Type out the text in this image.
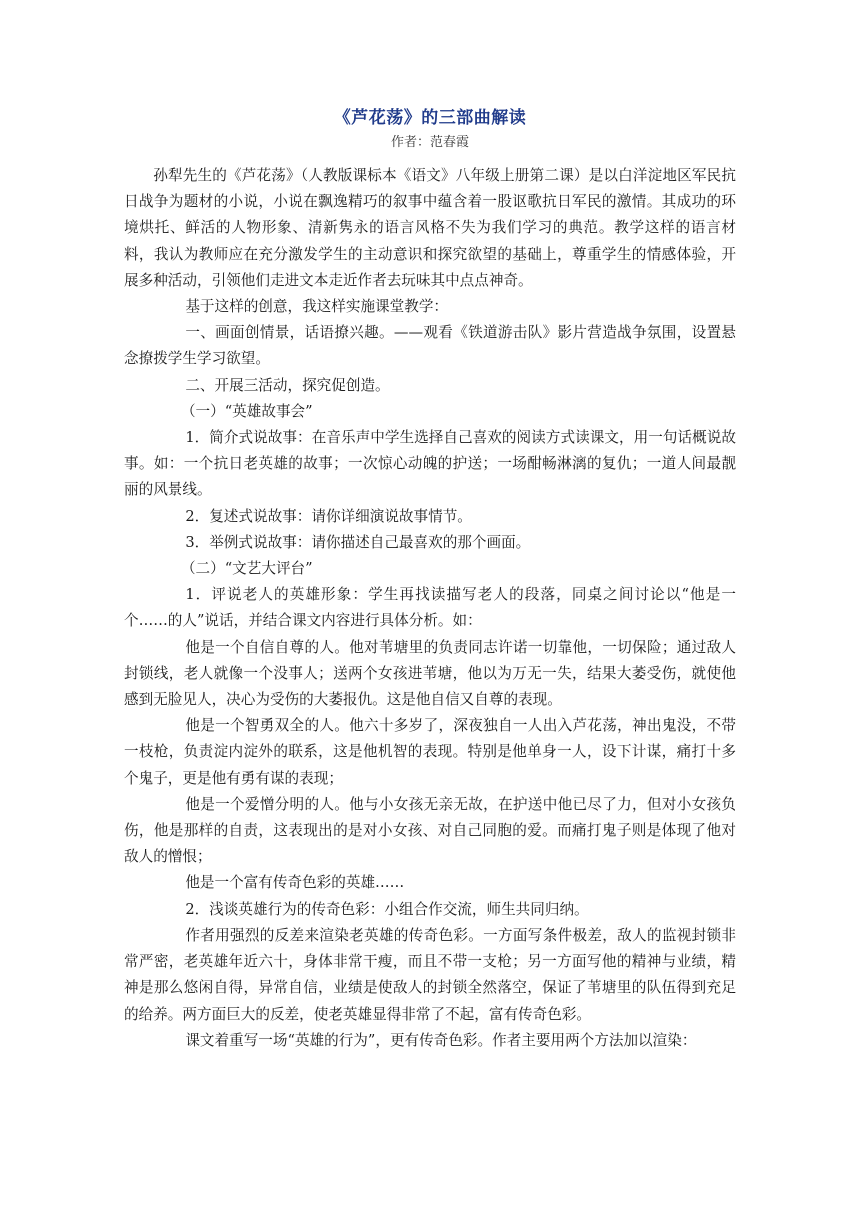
《芦花荡》的三部曲解读
作者：范春霞

孙犁先生的《芦花荡》（人教版课标本《语文》八年级上册第二课）是以白洋淀地区军民抗日战争为题材的小说，小说在飘逸精巧的叙事中蕴含着一股讴歌抗日军民的激情。其成功的环境烘托、鲜活的人物形象、清新隽永的语言风格不失为我们学习的典范。教学这样的语言材料，我认为教师应在充分激发学生的主动意识和探究欲望的基础上，尊重学生的情感体验，开展多种活动，引领他们走进文本走近作者去玩味其中点点神奇。

基于这样的创意，我这样实施课堂教学：

一、画面创情景，话语撩兴趣。——观看《铁道游击队》影片营造战争氛围，设置悬念撩拨学生学习欲望。

二、开展三活动，探究促创造。

（一）“英雄故事会”

1．简介式说故事：在音乐声中学生选择自己喜欢的阅读方式读课文，用一句话概说故事。如：一个抗日老英雄的故事；一次惊心动魄的护送；一场酣畅淋漓的复仇；一道人间最靓丽的风景线。

2．复述式说故事：请你详细演说故事情节。

3．举例式说故事：请你描述自己最喜欢的那个画面。

（二）“文艺大评台”

1．评说老人的英雄形象：学生再找读描写老人的段落，同桌之间讨论以“他是一个……的人”说话，并结合课文内容进行具体分析。如：

他是一个自信自尊的人。他对苇塘里的负责同志许诺一切靠他，一切保险；通过敌人封锁线，老人就像一个没事人；送两个女孩进苇塘，他以为万无一失，结果大萎受伤，就使他感到无脸见人，决心为受伤的大萎报仇。这是他自信又自尊的表现。

他是一个智勇双全的人。他六十多岁了，深夜独自一人出入芦花荡，神出鬼没，不带一枝枪，负责淀内淀外的联系，这是他机智的表现。特别是他单身一人，设下计谋，痛打十多个鬼子，更是他有勇有谋的表现；

他是一个爱憎分明的人。他与小女孩无亲无故，在护送中他已尽了力，但对小女孩负伤，他是那样的自责，这表现出的是对小女孩、对自己同胞的爱。而痛打鬼子则是体现了他对敌人的憎恨；

他是一个富有传奇色彩的英雄……

2．浅谈英雄行为的传奇色彩：小组合作交流，师生共同归纳。

作者用强烈的反差来渲染老英雄的传奇色彩。一方面写条件极差，敌人的监视封锁非常严密，老英雄年近六十，身体非常干瘦，而且不带一支枪；另一方面写他的精神与业绩，精神是那么悠闲自得，异常自信，业绩是使敌人的封锁全然落空，保证了苇塘里的队伍得到充足的给养。两方面巨大的反差，使老英雄显得非常了不起，富有传奇色彩。

课文着重写一场“英雄的行为”，更有传奇色彩。作者主要用两个方法加以渲染：
